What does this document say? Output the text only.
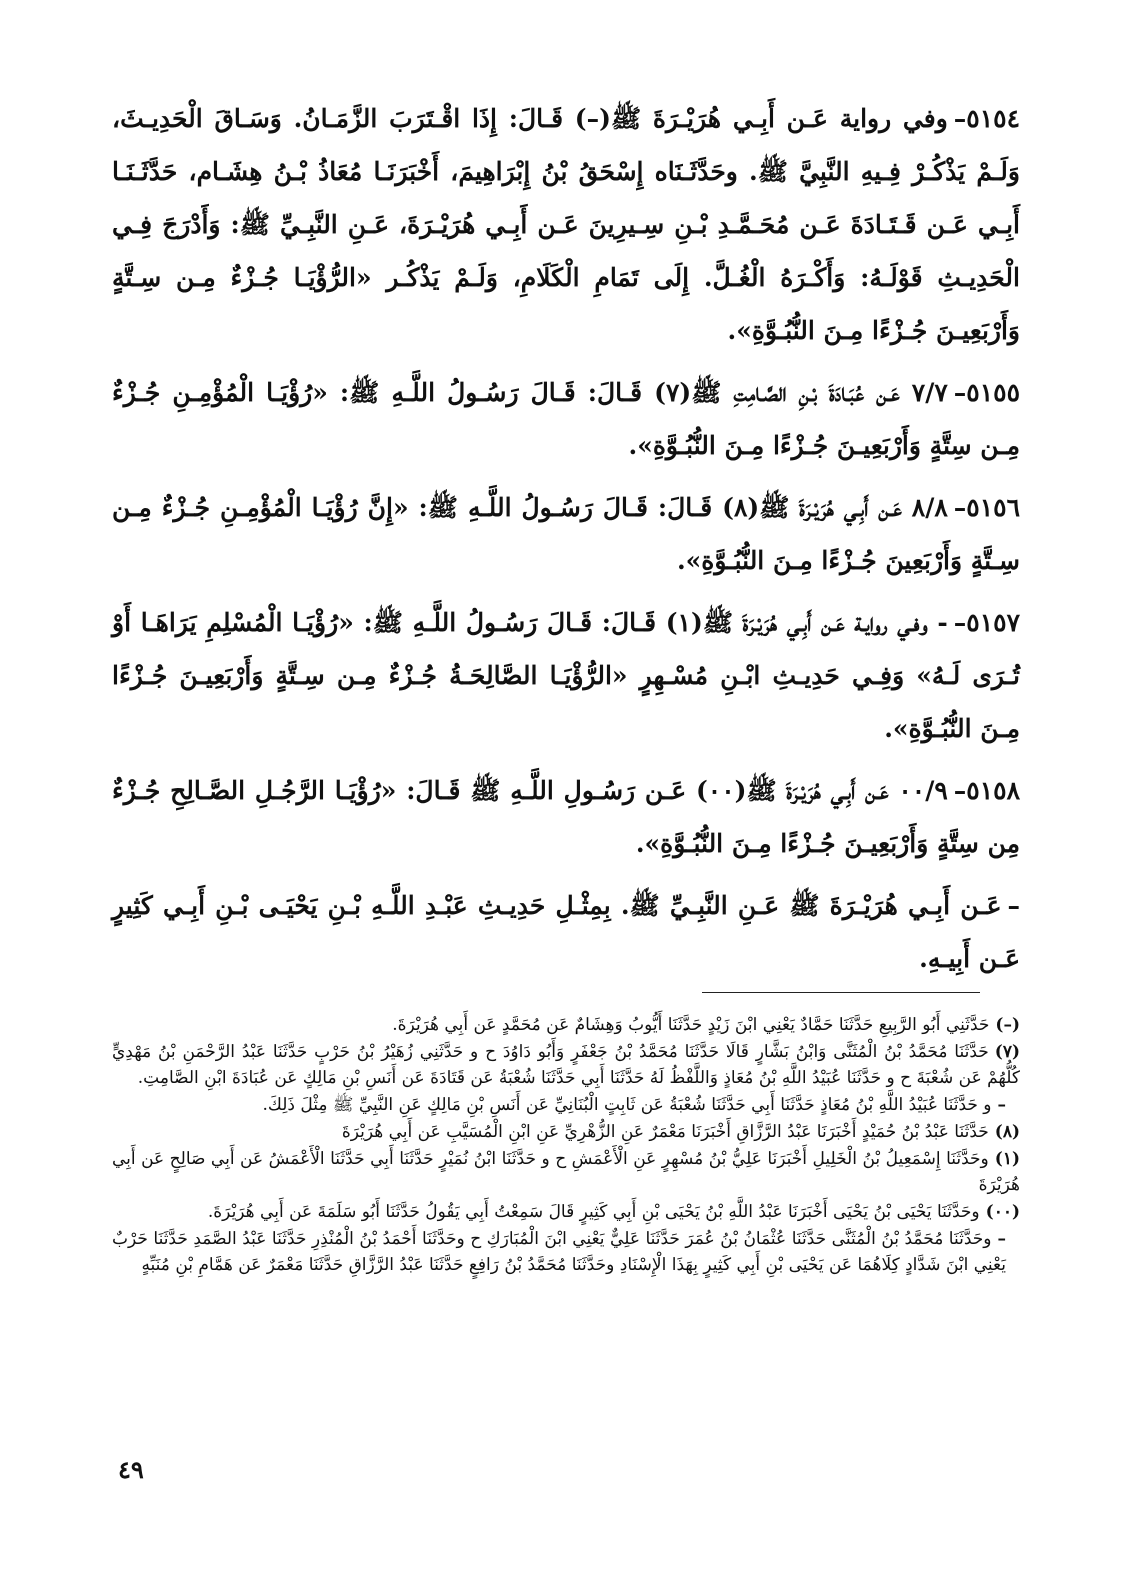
٥١٥٤–وفي رواية عَـن أَبِـي هُرَيْـرَةَ ﷺ(–) قَـالَ: إِذَا اقْـتَرَبَ الزَّمَـانُ. وَسَـاقَ الْحَدِيـثَ، وَلَـمْ يَذْكُـرْ فِـيهِ النَّبِيَّ ﷺ. وحَدَّثَـنَاه إِسْحَقُ بْنُ إِبْرَاهِيمَ، أَخْبَرَنَـا مُعَاذُ بْـنُ هِشَـام، حَدَّثَـنَـا أَبِـي عَـن قَـتَـادَةَ عَـن مُحَـمَّـدِ بْـنِ سِـيرِينَ عَـن أَبِـي هُرَيْـرَةَ، عَـنِ النَّبِـيِّ ﷺ: وَأَدْرَجَ فِـي الْحَدِيـثِ قَوْلَـهُ: وَأَكْـرَهُ الْغُـلَّ. إِلَى تَمَامِ الْكَلَامِ، وَلَـمْ يَذْكُـر «الرُّؤْيَـا جُـزْءٌ مِـن سِـتَّةٍ وَأَرْبَعِيـنَ جُـزْءًا مِـنَ النُّبُـوَّةِ».

٥١٥٥–٧/٧ عَـن عُبَـادَةَ بْـنِ الصَّـامِتِ ﷺ(٧) قَـالَ: قَـالَ رَسُـولُ اللَّـهِ ﷺ: «رُؤْيَـا الْمُؤْمِـنِ جُـزْءٌ مِـن سِتَّةٍ وَأَرْبَعِيـنَ جُـزْءًا مِـنَ النُّبُـوَّةِ».

٥١٥٦–٨/٨ عَـن أَبِـي هُرَيْـرَةَ ﷺ(٨) قَـالَ: قَـالَ رَسُـولُ اللَّـهِ ﷺ: «إِنَّ رُؤْيَـا الْمُؤْمِـنِ جُـزْءٌ مِـن سِـتَّةٍ وَأَرْبَعِينَ جُـزْءًا مِـنَ النُّبُـوَّةِ».

٥١٥٧–- وفـي روايـة عَـن أَبِـي هُرَيْـرَةَ ﷺ(١) قَـالَ: قَـالَ رَسُـولُ اللَّـهِ ﷺ: «رُؤْيَـا الْمُسْلِمِ يَرَاهَـا أَوْ تُـرَى لَـهُ» وَفِـي حَدِيـثِ ابْـنِ مُسْـهِرٍ «الرُّؤْيَـا الصَّالِحَـةُ جُـزْءٌ مِـن سِـتَّةٍ وَأَرْبَعِيـنَ جُـزْءًا مِـنَ النُّبُـوَّةِ».

٥١٥٨–٠٠/٩ عَـن أَبِـي هُرَيْـرَةَ ﷺ(٠٠) عَـن رَسُـولِ اللَّـهِ ﷺ قَـالَ: «رُؤْيَـا الرَّجُـلِ الصَّـالِحِ جُـزْءٌ مِن سِتَّةٍ وَأَرْبَعِيـنَ جُـزْءًا مِـنَ النُّبُـوَّةِ».

–عَـن أَبِـي هُرَيْـرَةَ ﷺ عَـنِ النَّبِـيِّ ﷺ. بِمِثْـلِ حَدِيـثِ عَبْـدِ اللَّـهِ بْـنِ يَحْيَـى بْـنِ أَبِـي كَثِيرٍ عَـن أَبِيـهِ.

(–)حَدَّثَنِي أَبُو الرَّبِيعِ حَدَّثَنَا حَمَّادٌ يَعْنِي ابْنَ زَيْدٍ حَدَّثَنَا أَيُّوبُ وَهِشَامٌ عَن مُحَمَّدٍ عَن أَبِي هُرَيْرَةَ.

(٧)حَدَّثَنَا مُحَمَّدُ بْنُ الْمُثَنَّى وَابْنُ بَشَّارٍ قَالَا حَدَّثَنَا مُحَمَّدُ بْنُ جَعْفَرٍ وَأَبُو دَاوُدَ ح و حَدَّثَنِي زُهَيْرُ بْنُ حَرْبٍ حَدَّثَنَا عَبْدُ الرَّحْمَنِ بْنُ مَهْدِيٍّ كُلُّهُمْ عَن شُعْبَةَ ح و حَدَّثَنَا عُبَيْدُ اللَّهِ بْنُ مُعَاذٍ وَاللَّفْظُ لَهُ حَدَّثَنَا أَبِي حَدَّثَنَا شُعْبَةُ عَن قَتَادَةَ عَن أَنَسِ بْنِ مَالِكٍ عَن عُبَادَةَ ابْنِ الصَّامِتِ.

–و حَدَّثَنَا عُبَيْدُ اللَّهِ بْنُ مُعَاذٍ حَدَّثَنَا أَبِي حَدَّثَنَا شُعْبَةُ عَن ثَابِتٍ الْبُنَانِيِّ عَن أَنَسِ بْنِ مَالِكٍ عَنِ النَّبِيِّ ﷺ مِثْلَ ذَلِكَ.

(٨)حَدَّثَنَا عَبْدُ بْنُ حُمَيْدٍ أَخْبَرَنَا عَبْدُ الرَّزَّاقِ أَخْبَرَنَا مَعْمَرٌ عَنِ الزُّهْرِيِّ عَنِ ابْنِ الْمُسَيَّبِ عَن أَبِي هُرَيْرَةَ

(١)وحَدَّثَنَا إِسْمَعِيلُ بْنُ الْخَلِيلِ أَخْبَرَنَا عَلِيُّ بْنُ مُسْهِرٍ عَنِ الْأَعْمَشِ ح و حَدَّثَنَا ابْنُ نُمَيْرٍ حَدَّثَنَا أَبِي حَدَّثَنَا الْأَعْمَشُ عَن أَبِي صَالِحٍ عَن أَبِي هُرَيْرَةَ

(٠٠)وحَدَّثَنَا يَحْيَى بْنُ يَحْيَى أَخْبَرَنَا عَبْدُ اللَّهِ بْنُ يَحْيَى بْنِ أَبِي كَثِيرٍ قَالَ سَمِعْتُ أَبِي يَقُولُ حَدَّثَنَا أَبُو سَلَمَةَ عَن أَبِي هُرَيْرَةَ.

–وحَدَّثَنَا مُحَمَّدُ بْنُ الْمُثَنَّى حَدَّثَنَا عُثْمَانُ بْنُ عُمَرَ حَدَّثَنَا عَلِيٌّ يَعْنِي ابْنَ الْمُبَارَكِ ح وحَدَّثَنَا أَحْمَدُ بْنُ الْمُنْذِرِ حَدَّثَنَا عَبْدُ الصَّمَدِ حَدَّثَنَا حَرْبٌ يَعْنِي ابْنَ شَدَّادٍ كِلَاهُمَا عَن يَحْيَى بْنِ أَبِي كَثِيرٍ بِهَذَا الْإِسْنَادِ وحَدَّثَنَا مُحَمَّدُ بْنُ رَافِعٍ حَدَّثَنَا عَبْدُ الرَّزَّاقِ حَدَّثَنَا مَعْمَرٌ عَن هَمَّامِ بْنِ مُنَبِّهٍ

٤٩
